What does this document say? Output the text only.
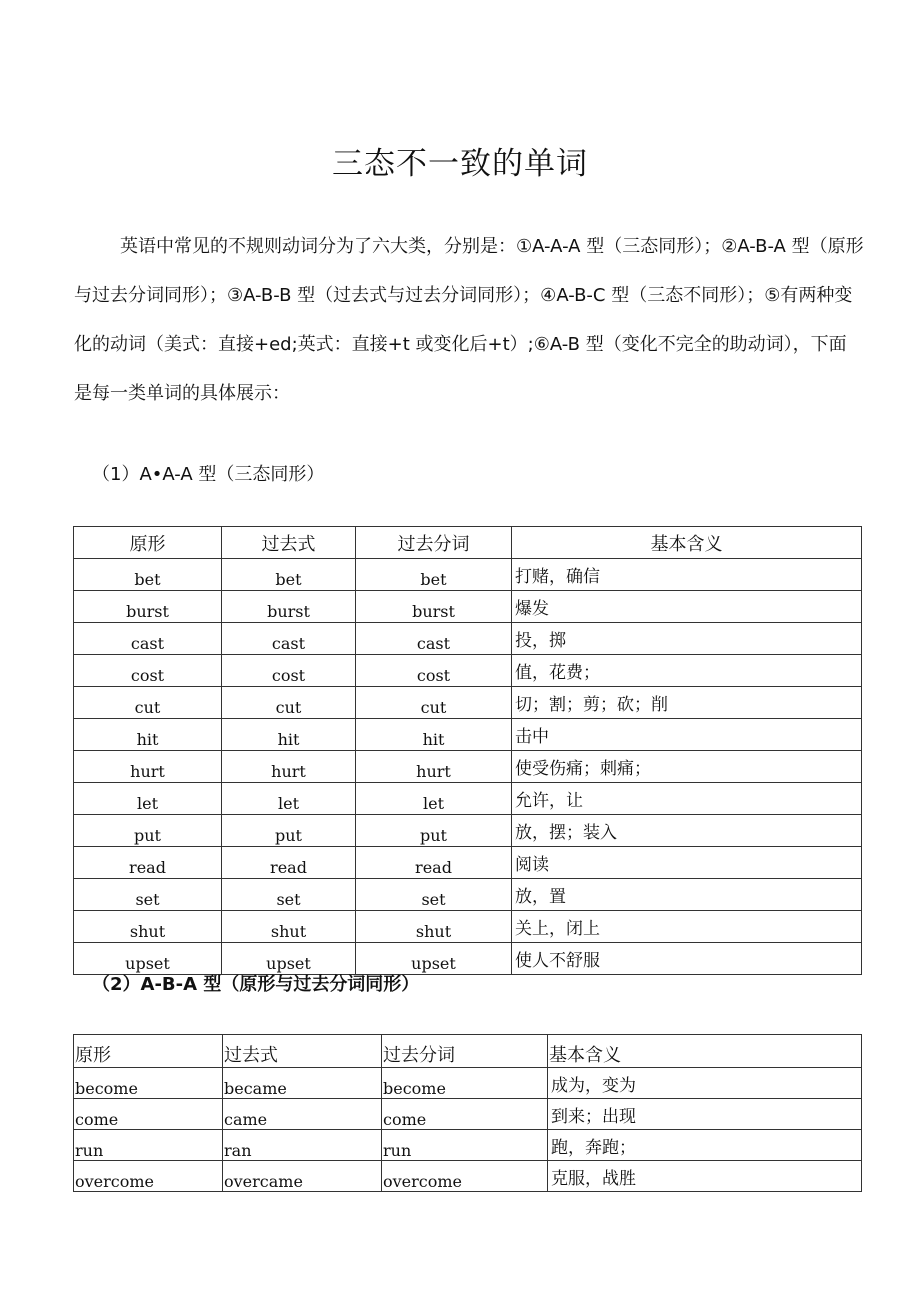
三态不一致的单词

英语中常见的不规则动词分为了六大类，分别是：①A-A-A 型（三态同形）；②A-B-A 型（原形与过去分词同形）；③A-B-B 型（过去式与过去分词同形）；④A-B-C 型（三态不同形）；⑤有两种变化的动词（美式：直接+ed;英式：直接+t 或变化后+t）;⑥A-B 型（变化不完全的助动词），下面是每一类单词的具体展示：

（1）A•A-A 型（三态同形）

原形	过去式	过去分词	基本含义
bet	bet	bet	打赌，确信
burst	burst	burst	爆发
cast	cast	cast	投，掷
cost	cost	cost	值，花费；
cut	cut	cut	切；割；剪；砍；削
hit	hit	hit	击中
hurt	hurt	hurt	使受伤痛；刺痛；
let	let	let	允许，让
put	put	put	放，摆；装入
read	read	read	阅读
set	set	set	放，置
shut	shut	shut	关上，闭上
upset	upset	upset	使人不舒服

（2）A-B-A 型（原形与过去分词同形）

原形	过去式	过去分词	基本含义
become	became	become	成为，变为
come	came	come	到来；出现
run	ran	run	跑，奔跑；
overcome	overcame	overcome	克服，战胜
